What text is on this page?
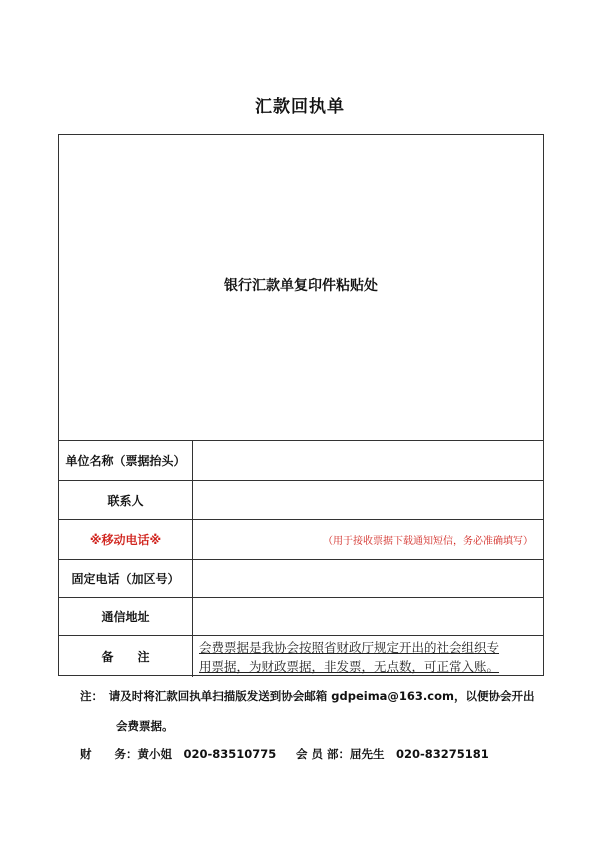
汇款回执单
银行汇款单复印件粘贴处
单位名称（票据抬头）
联系人
※ 移动电话 ※	（用于接收票据下载通知短信，务必准确填写）
固定电话（加区号）
通信地址
备　　注
会费票据是我协会按照省财政厅规定开出的社会组织专
用票据，为财政票据，非发票，无点数，可正常入账。
注：　请及时将汇款回执单扫描版发送到协会邮箱 gdpeima@163.com，以便协会开出
会费票据。
财　　务：黄小姐　020-83510775 会 员 部：屈先生　020-83275181
